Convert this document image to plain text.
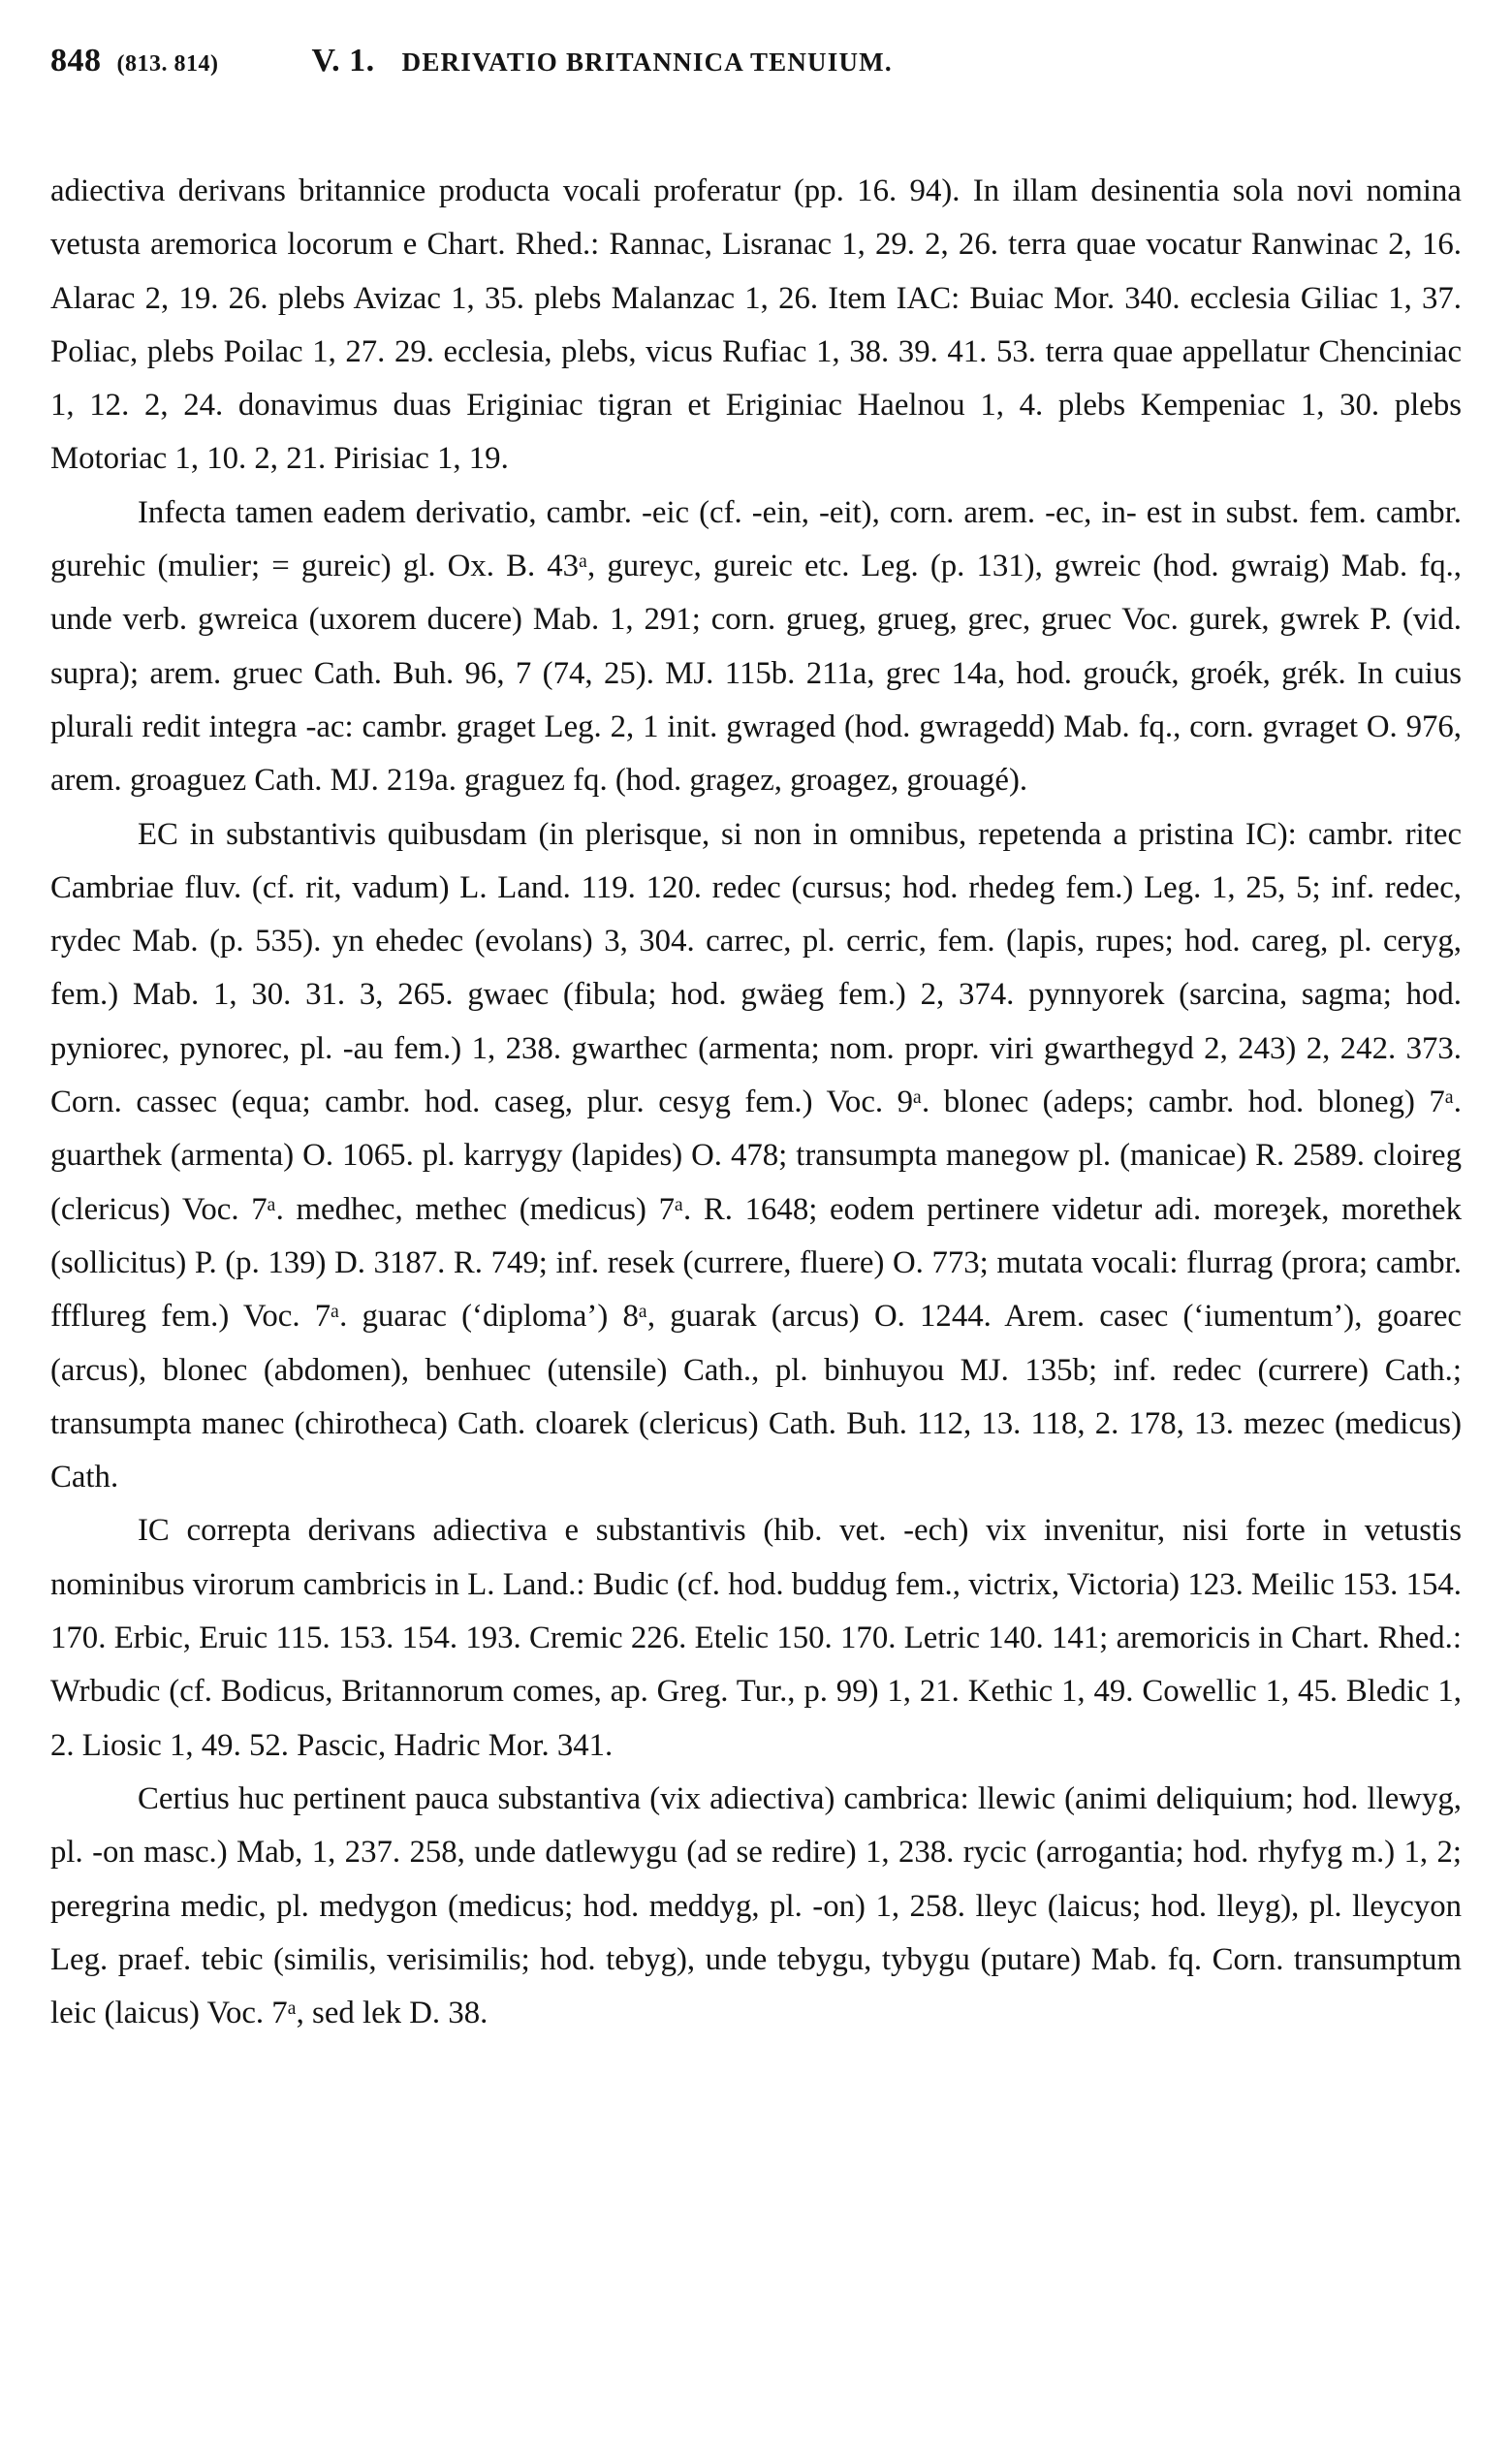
848 (813. 814)	V. 1. DERIVATIO BRITANNICA TENUIUM.

adiectiva derivans britannice producta vocali proferatur (pp. 16. 94). In illam desinentia sola novi nomina vetusta aremorica locorum e Chart. Rhed.: Rannac, Lisranac 1, 29. 2, 26. terra quae vocatur Ranwinac 2, 16. Alarac 2, 19. 26. plebs Avizac 1, 35. plebs Malanzac 1, 26. Item IAC: Buiac Mor. 340. ecclesia Giliac 1, 37. Poliac, plebs Poilac 1, 27. 29. ecclesia, plebs, vicus Rufiac 1, 38. 39. 41. 53. terra quae appellatur Chenciniac 1, 12. 2, 24. donavimus duas Eriginiac tigran et Eriginiac Haelnou 1, 4. plebs Kempeniac 1, 30. plebs Motoriac 1, 10. 2, 21. Pirisiac 1, 19.

Infecta tamen eadem derivatio, cambr. -eic (cf. -ein, -eit), corn. arem. -ec, in- est in subst. fem. cambr. gurehic (mulier; = gureic) gl. Ox. B. 43ᵃ, gureyc, gureic etc. Leg. (p. 131), gwreic (hod. gwraig) Mab. fq., unde verb. gwreica (uxorem ducere) Mab. 1, 291; corn. grueg, grueg, grec, gruec Voc. gurek, gwrek P. (vid. supra); arem. gruec Cath. Buh. 96, 7 (74, 25). MJ. 115b. 211a, grec 14a, hod. groućk, groék, grék. In cuius plurali redit integra -ac: cambr. graget Leg. 2, 1 init. gwraged (hod. gwragedd) Mab. fq., corn. gvraget O. 976, arem. groaguez Cath. MJ. 219a. graguez fq. (hod. gragez, groagez, grouagé).

EC in substantivis quibusdam (in plerisque, si non in omnibus, repetenda a pristina IC): cambr. ritec Cambriae fluv. (cf. rit, vadum) L. Land. 119. 120. redec (cursus; hod. rhedeg fem.) Leg. 1, 25, 5; inf. redec, rydec Mab. (p. 535). yn ehedec (evolans) 3, 304. carrec, pl. cerric, fem. (lapis, rupes; hod. careg, pl. ceryg, fem.) Mab. 1, 30. 31. 3, 265. gwaec (fibula; hod. gwäeg fem.) 2, 374. pynnyorek (sarcina, sagma; hod. pyniorec, pynorec, pl. -au fem.) 1, 238. gwarthec (armenta; nom. propr. viri gwarthegyd 2, 243) 2, 242. 373. Corn. cassec (equa; cambr. hod. caseg, plur. cesyg fem.) Voc. 9ᵃ. blonec (adeps; cambr. hod. bloneg) 7ᵃ. guarthek (armenta) O. 1065. pl. karrygy (lapides) O. 478; transumpta manegow pl. (manicae) R. 2589. cloireg (clericus) Voc. 7ᵃ. medhec, methec (medicus) 7ᵃ. R. 1648; eodem pertinere videtur adi. moreȝek, morethek (sollicitus) P. (p. 139) D. 3187. R. 749; inf. resek (currere, fluere) O. 773; mutata vocali: flurrag (prora; cambr. ffflureg fem.) Voc. 7ᵃ. guarac (‘diploma’) 8ᵃ, guarak (arcus) O. 1244. Arem. casec (‘iumentum’), goarec (arcus), blonec (abdomen), benhuec (utensile) Cath., pl. binhuyou MJ. 135b; inf. redec (currere) Cath.; transumpta manec (chirotheca) Cath. cloarek (clericus) Cath. Buh. 112, 13. 118, 2. 178, 13. mezec (medicus) Cath.

IC correpta derivans adiectiva e substantivis (hib. vet. -ech) vix invenitur, nisi forte in vetustis nominibus virorum cambricis in L. Land.: Budic (cf. hod. buddug fem., victrix, Victoria) 123. Meilic 153. 154. 170. Erbic, Eruic 115. 153. 154. 193. Cremic 226. Etelic 150. 170. Letric 140. 141; aremoricis in Chart. Rhed.: Wrbudic (cf. Bodicus, Britannorum comes, ap. Greg. Tur., p. 99) 1, 21. Kethic 1, 49. Cowellic 1, 45. Bledic 1, 2. Liosic 1, 49. 52. Pascic, Hadric Mor. 341.

Certius huc pertinent pauca substantiva (vix adiectiva) cambrica: llewic (animi deliquium; hod. llewyg, pl. -on masc.) Mab, 1, 237. 258, unde datlewygu (ad se redire) 1, 238. rycic (arrogantia; hod. rhyfyg m.) 1, 2; peregrina medic, pl. medygon (medicus; hod. meddyg, pl. -on) 1, 258. lleyc (laicus; hod. lleyg), pl. lleycyon Leg. praef. tebic (similis, verisimilis; hod. tebyg), unde tebygu, tybygu (putare) Mab. fq. Corn. transumptum leic (laicus) Voc. 7ᵃ, sed lek D. 38.
